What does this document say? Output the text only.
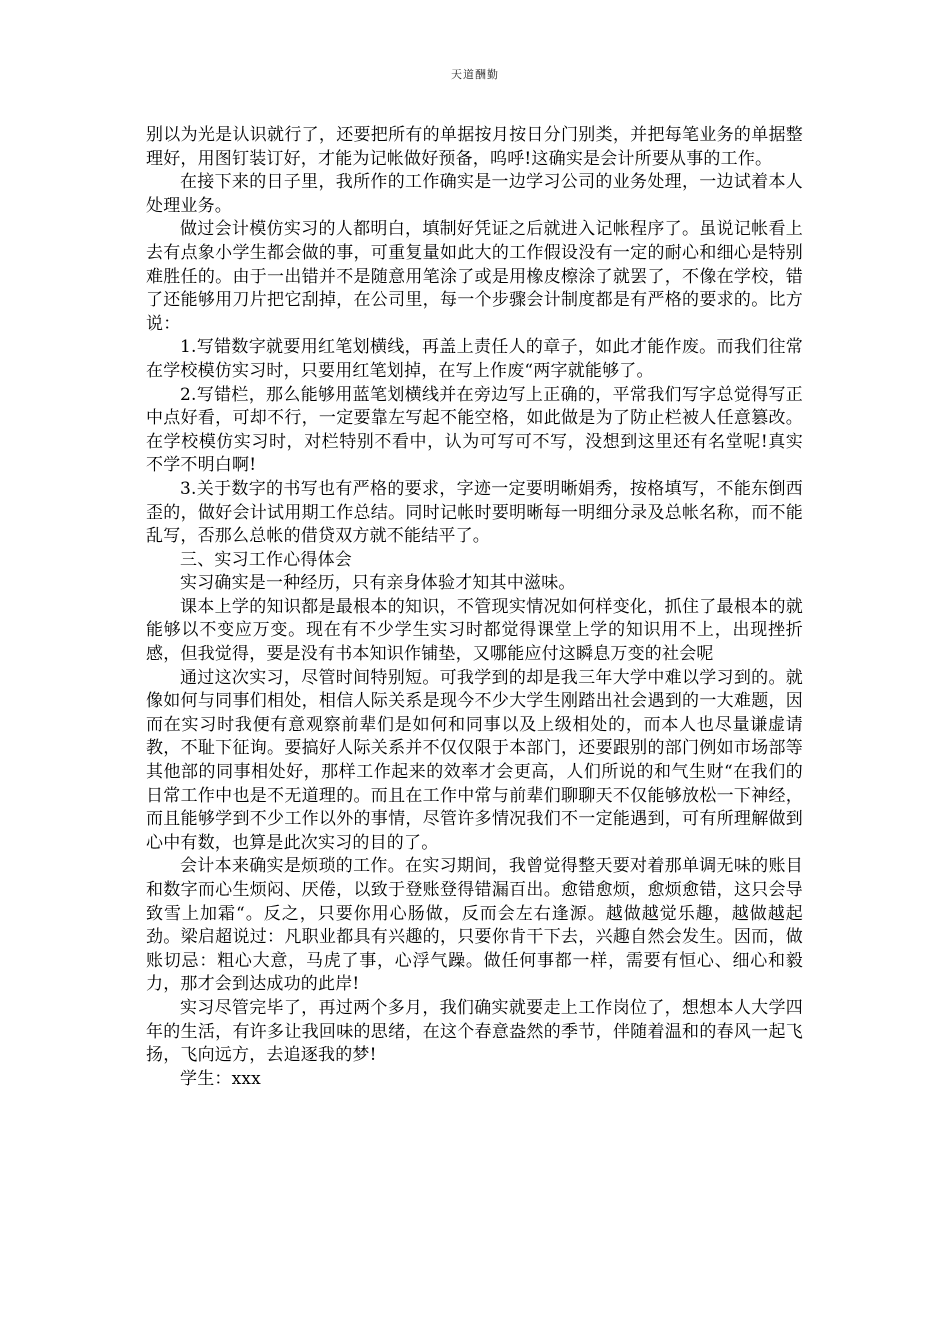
天道酬勤

别以为光是认识就行了，还要把所有的单据按月按日分门别类，并把每笔业务的单据整理好，用图钉装订好，才能为记帐做好预备，呜呼!这确实是会计所要从事的工作。

在接下来的日子里，我所作的工作确实是一边学习公司的业务处理，一边试着本人处理业务。

做过会计模仿实习的人都明白，填制好凭证之后就进入记帐程序了。虽说记帐看上去有点象小学生都会做的事，可重复量如此大的工作假设没有一定的耐心和细心是特别难胜任的。由于一出错并不是随意用笔涂了或是用橡皮檫涂了就罢了，不像在学校，错了还能够用刀片把它刮掉，在公司里，每一个步骤会计制度都是有严格的要求的。比方说：

1.写错数字就要用红笔划横线，再盖上责任人的章子，如此才能作废。而我们往常在学校模仿实习时，只要用红笔划掉，在写上作废“两字就能够了。

2.写错栏，那么能够用蓝笔划横线并在旁边写上正确的，平常我们写字总觉得写正中点好看，可却不行，一定要靠左写起不能空格，如此做是为了防止栏被人任意篡改。在学校模仿实习时，对栏特别不看中，认为可写可不写，没想到这里还有名堂呢!真实不学不明白啊!

3.关于数字的书写也有严格的要求，字迹一定要明晰娟秀，按格填写，不能东倒西歪的，做好会计试用期工作总结。同时记帐时要明晰每一明细分录及总帐名称，而不能乱写，否那么总帐的借贷双方就不能结平了。

三、实习工作心得体会

实习确实是一种经历，只有亲身体验才知其中滋味。

课本上学的知识都是最根本的知识，不管现实情况如何样变化，抓住了最根本的就能够以不变应万变。现在有不少学生实习时都觉得课堂上学的知识用不上，出现挫折感，但我觉得，要是没有书本知识作铺垫，又哪能应付这瞬息万变的社会呢

通过这次实习，尽管时间特别短。可我学到的却是我三年大学中难以学习到的。就像如何与同事们相处，相信人际关系是现今不少大学生刚踏出社会遇到的一大难题，因而在实习时我便有意观察前辈们是如何和同事以及上级相处的，而本人也尽量谦虚请教，不耻下征询。要搞好人际关系并不仅仅限于本部门，还要跟别的部门例如市场部等其他部的同事相处好，那样工作起来的效率才会更高，人们所说的和气生财“在我们的日常工作中也是不无道理的。而且在工作中常与前辈们聊聊天不仅能够放松一下神经，而且能够学到不少工作以外的事情，尽管许多情况我们不一定能遇到，可有所理解做到心中有数，也算是此次实习的目的了。

会计本来确实是烦琐的工作。在实习期间，我曾觉得整天要对着那单调无味的账目和数字而心生烦闷、厌倦，以致于登账登得错漏百出。愈错愈烦，愈烦愈错，这只会导致雪上加霜“。反之，只要你用心肠做，反而会左右逢源。越做越觉乐趣，越做越起劲。梁启超说过：凡职业都具有兴趣的，只要你肯干下去，兴趣自然会发生。因而，做账切忌：粗心大意，马虎了事，心浮气躁。做任何事都一样，需要有恒心、细心和毅力，那才会到达成功的此岸!

实习尽管完毕了，再过两个多月，我们确实就要走上工作岗位了，想想本人大学四年的生活，有许多让我回味的思绪，在这个春意盎然的季节，伴随着温和的春风一起飞扬，飞向远方，去追逐我的梦!

学生：xxx
